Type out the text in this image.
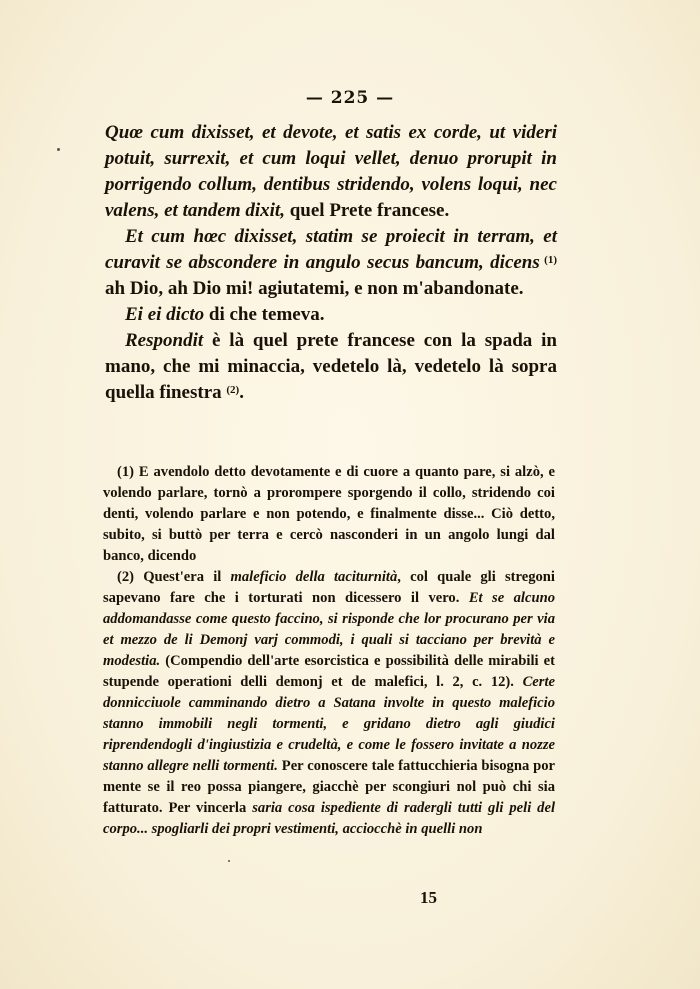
— 225 —

Quœ cum dixisset, et devote, et satis ex corde, ut videri potuit, surrexit, et cum loqui vellet, denuo prorupit in porrigendo collum, dentibus stridendo, volens loqui, nec valens, et tandem dixit, quel Prete francese.

Et cum hœc dixisset, statim se proiecit in terram, et curavit se abscondere in angulo secus bancum, dicens $^{(1)}$ ah Dio, ah Dio mi! agiutatemi, e non m'abandonate.

Ei ei dicto di che temeva.

Respondit è là quel prete francese con la spada in mano, che mi minaccia, vedetelo là, vedetelo là sopra quella finestra $^{(2)}$.

(1) E avendolo detto devotamente e di cuore a quanto pare, si alzò, e volendo parlare, tornò a prorompere sporgendo il collo, stridendo coi denti, volendo parlare e non potendo, e finalmente disse... Ciò detto, subito, si buttò per terra e cercò nasconderi in un angolo lungi dal banco, dicendo

(2) Quest'era il maleficio della taciturnità, col quale gli stregoni sapevano fare che i torturati non dicessero il vero. Et se alcuno addomandasse come questo faccino, si risponde che lor procurano per via et mezzo de li Demonj varj commodi, i quali si tacciano per brevità e modestia. (Compendio dell'arte esorcistica e possibilità delle mirabili et stupende operationi delli demonj et de malefici, l. 2, c. 12). Certe donnicciuole camminando dietro a Satana involte in questo maleficio stanno immobili negli tormenti, e gridano dietro agli giudici riprendendogli d'ingiustizia e crudeltà, e come le fossero invitate a nozze stanno allegre nelli tormenti. Per conoscere tale fattucchieria bisogna por mente se il reo possa piangere, giacchè per scongiuri nol può chi sia fatturato. Per vincerla saria cosa ispediente di radergli tutti gli peli del corpo... spogliarli dei propri vestimenti, acciocchè in quelli non

15
